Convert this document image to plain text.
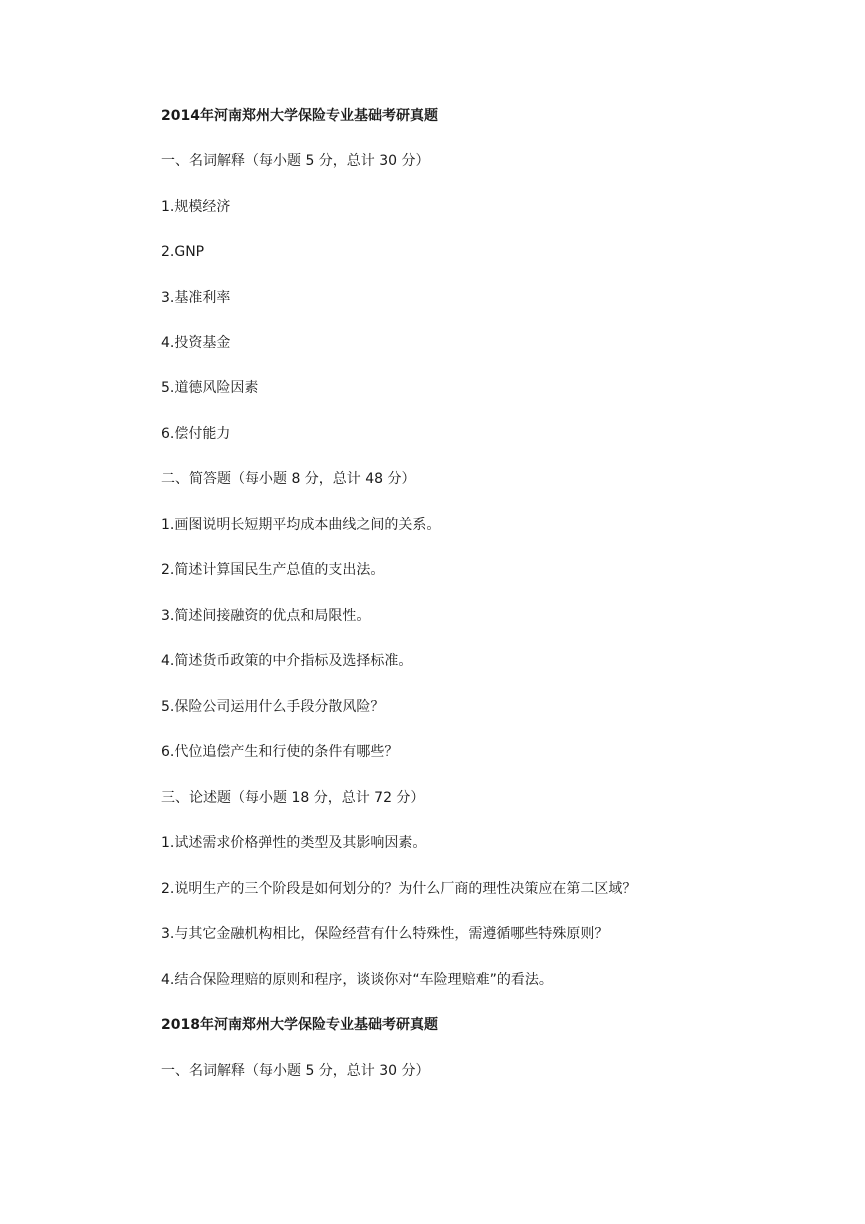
2014年河南郑州大学保险专业基础考研真题
一、名词解释（每小题 5 分，总计 30 分）
1.规模经济
2.GNP
3.基准利率
4.投资基金
5.道德风险因素
6.偿付能力
二、简答题（每小题 8 分，总计 48 分）
1.画图说明长短期平均成本曲线之间的关系。
2.简述计算国民生产总值的支出法。
3.简述间接融资的优点和局限性。
4.简述货币政策的中介指标及选择标准。
5.保险公司运用什么手段分散风险？
6.代位追偿产生和行使的条件有哪些？
三、论述题（每小题 18 分，总计 72 分）
1.试述需求价格弹性的类型及其影响因素。
2.说明生产的三个阶段是如何划分的？为什么厂商的理性决策应在第二区域？
3.与其它金融机构相比，保险经营有什么特殊性，需遵循哪些特殊原则？
4.结合保险理赔的原则和程序，谈谈你对“车险理赔难”的看法。
2018年河南郑州大学保险专业基础考研真题
一、名词解释（每小题 5 分，总计 30 分）
